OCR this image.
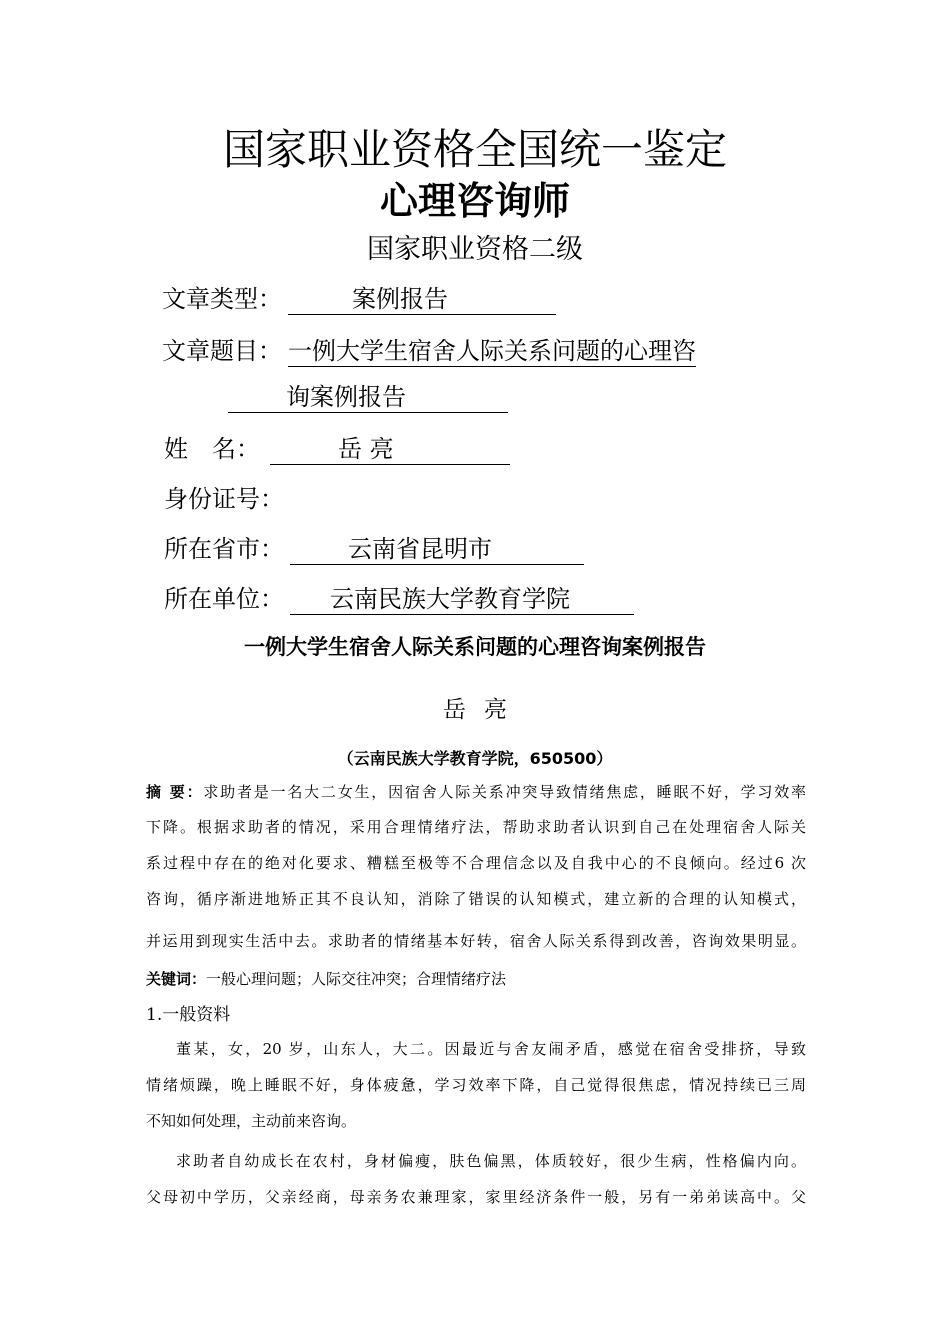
国家职业资格全国统一鉴定
心理咨询师
国家职业资格二级
文章类型：	案例报告
文章题目： 一例大学生宿舍人际关系问题的心理咨
询案例报告
姓　名：	岳 亮
身份证号：
所在省市：	云南省昆明市
所在单位：	云南民族大学教育学院
一例大学生宿舍人际关系问题的心理咨询案例报告
岳亮
（云南民族大学教育学院，650500）
摘 要：求助者是一名大二女生，因宿舍人际关系冲突导致情绪焦虑，睡眠不好，学习效率
下降。根据求助者的情况，采用合理情绪疗法，帮助求助者认识到自己在处理宿舍人际关
系过程中存在的绝对化要求、糟糕至极等不合理信念以及自我中心的不良倾向。经过6 次
咨询，循序渐进地矫正其不良认知，消除了错误的认知模式，建立新的合理的认知模式，
并运用到现实生活中去。求助者的情绪基本好转，宿舍人际关系得到改善，咨询效果明显。
关键词：一般心理问题；人际交往冲突；合理情绪疗法
1.一般资料
董某，女，20 岁，山东人，大二。因最近与舍友闹矛盾，感觉在宿舍受排挤，导致
情绪烦躁，晚上睡眠不好，身体疲惫，学习效率下降，自己觉得很焦虑，情况持续已三周
不知如何处理，主动前来咨询。
求助者自幼成长在农村，身材偏瘦，肤色偏黑，体质较好，很少生病，性格偏内向。
父母初中学历，父亲经商，母亲务农兼理家，家里经济条件一般，另有一弟弟读高中。父
